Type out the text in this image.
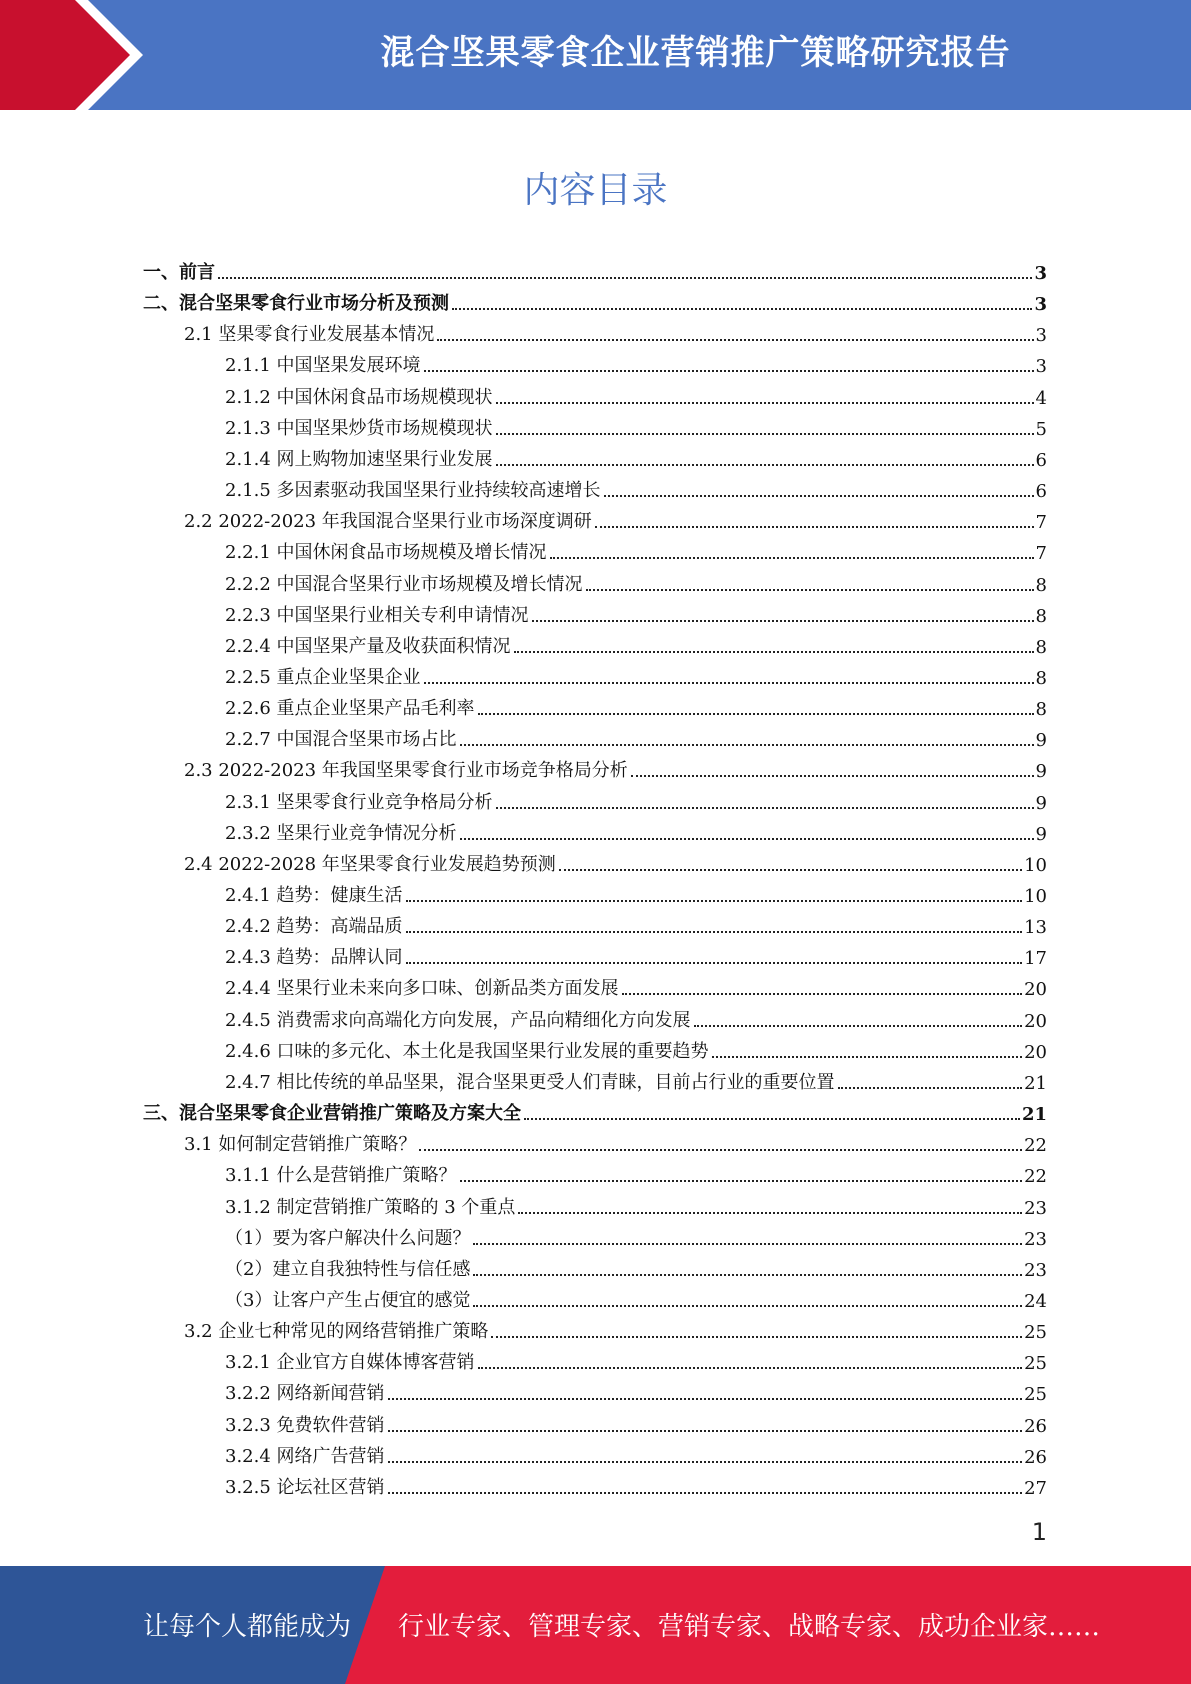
混合坚果零食企业营销推广策略研究报告
内容目录
一、前言	3
二、混合坚果零食行业市场分析及预测	3
2.1 坚果零食行业发展基本情况	3
2.1.1 中国坚果发展环境	3
2.1.2 中国休闲食品市场规模现状	4
2.1.3 中国坚果炒货市场规模现状	5
2.1.4 网上购物加速坚果行业发展	6
2.1.5 多因素驱动我国坚果行业持续较高速增长	6
2.2 2022-2023 年我国混合坚果行业市场深度调研	7
2.2.1 中国休闲食品市场规模及增长情况	7
2.2.2 中国混合坚果行业市场规模及增长情况	8
2.2.3 中国坚果行业相关专利申请情况	8
2.2.4 中国坚果产量及收获面积情况	8
2.2.5 重点企业坚果企业	8
2.2.6 重点企业坚果产品毛利率	8
2.2.7 中国混合坚果市场占比	9
2.3 2022-2023 年我国坚果零食行业市场竞争格局分析	9
2.3.1 坚果零食行业竞争格局分析	9
2.3.2 坚果行业竞争情况分析	9
2.4 2022-2028 年坚果零食行业发展趋势预测	10
2.4.1 趋势：健康生活	10
2.4.2 趋势：高端品质	13
2.4.3 趋势：品牌认同	17
2.4.4 坚果行业未来向多口味、创新品类方面发展	20
2.4.5 消费需求向高端化方向发展，产品向精细化方向发展	20
2.4.6 口味的多元化、本土化是我国坚果行业发展的重要趋势	20
2.4.7 相比传统的单品坚果，混合坚果更受人们青睐，目前占行业的重要位置	21
三、混合坚果零食企业营销推广策略及方案大全	21
3.1 如何制定营销推广策略？	22
3.1.1 什么是营销推广策略？	22
3.1.2 制定营销推广策略的 3 个重点	23
（1）要为客户解决什么问题？	23
（2）建立自我独特性与信任感	23
（3）让客户产生占便宜的感觉	24
3.2 企业七种常见的网络营销推广策略	25
3.2.1 企业官方自媒体博客营销	25
3.2.2 网络新闻营销	25
3.2.3 免费软件营销	26
3.2.4 网络广告营销	26
3.2.5 论坛社区营销	27
1
让每个人都能成为 行业专家、管理专家、营销专家、战略专家、成功企业家……
